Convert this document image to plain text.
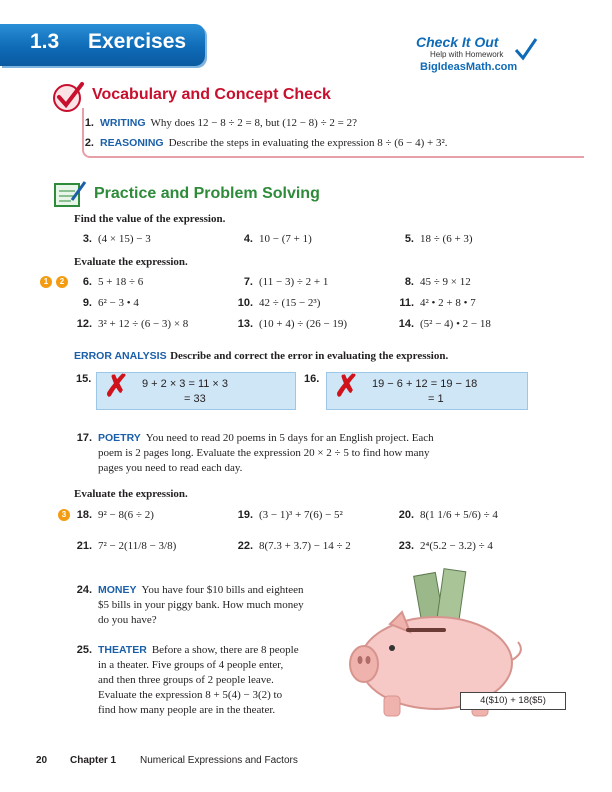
1.3 Exercises	Check It Out
Help with Homework
BigIdeasMath.com
Vocabulary and Concept Check
1. WRITING Why does 12 − 8 ÷ 2 = 8, but (12 − 8) ÷ 2 = 2?
2. REASONING Describe the steps in evaluating the expression 8 ÷ (6 − 4) + 3².
Practice and Problem Solving
Find the value of the expression.
3. (4 × 15) − 3	4. 10 − (7 + 1)	5. 18 ÷ (6 + 3)
Evaluate the expression.
1	2	6. 5 + 18 ÷ 6	7. (11 − 3) ÷ 2 + 1	8. 45 ÷ 9 × 12
9. 6² − 3 • 4	10. 42 ÷ (15 − 2³)	11. 4² • 2 + 8 • 7
12. 3² + 12 ÷ (6 − 3) × 8	13. (10 + 4) ÷ (26 − 19)	14. (5² − 4) • 2 − 18
ERROR ANALYSIS Describe and correct the error in evaluating the expression.
15. ✗ 9 + 2 × 3 = 11 × 3
= 33
16. ✗ 19 − 6 + 12 = 19 − 18
= 1
17. POETRY You need to read 20 poems in 5 days for an English project. Each
poem is 2 pages long. Evaluate the expression 20 × 2 ÷ 5 to find how many
pages you need to read each day.
Evaluate the expression.
3 18. 9² − 8(6 ÷ 2)	19. (3 − 1)³ + 7(6) − 5²	20. 8(1 1/6 + 5/6) ÷ 4
21. 7² − 2(11/8 − 3/8)	22. 8(7.3 + 3.7) − 14 ÷ 2	23. 2⁴(5.2 − 3.2) ÷ 4
24. MONEY You have four $10 bills and eighteen
$5 bills in your piggy bank. How much money
do you have?
25. THEATER Before a show, there are 8 people
in a theater. Five groups of 4 people enter,
and then three groups of 2 people leave.
Evaluate the expression 8 + 5(4) − 3(2) to
find how many people are in the theater.
4($10) + 18($5)
20 Chapter 1 Numerical Expressions and Factors
